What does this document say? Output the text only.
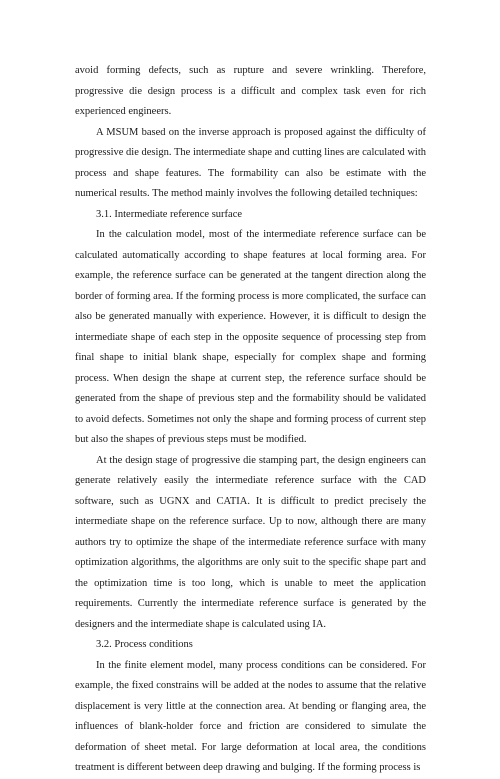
avoid forming defects, such as rupture and severe wrinkling. Therefore, progressive die design process is a difficult and complex task even for rich experienced engineers.

A MSUM based on the inverse approach is proposed against the difficulty of progressive die design. The intermediate shape and cutting lines are calculated with process and shape features. The formability can also be estimate with the numerical results. The method mainly involves the following detailed techniques:

3.1. Intermediate reference surface

In the calculation model, most of the intermediate reference surface can be calculated automatically according to shape features at local forming area. For example, the reference surface can be generated at the tangent direction along the border of forming area. If the forming process is more complicated, the surface can also be generated manually with experience. However, it is difficult to design the intermediate shape of each step in the opposite sequence of processing step from final shape to initial blank shape, especially for complex shape and forming process. When design the shape at current step, the reference surface should be generated from the shape of previous step and the formability should be validated to avoid defects. Sometimes not only the shape and forming process of current step but also the shapes of previous steps must be modified.

At the design stage of progressive die stamping part, the design engineers can generate relatively easily the intermediate reference surface with the CAD software, such as UGNX and CATIA. It is difficult to predict precisely the intermediate shape on the reference surface. Up to now, although there are many authors try to optimize the shape of the intermediate reference surface with many optimization algorithms, the algorithms are only suit to the specific shape part and the optimization time is too long, which is unable to meet the application requirements. Currently the intermediate reference surface is generated by the designers and the intermediate shape is calculated using IA.

3.2. Process conditions

In the finite element model, many process conditions can be considered. For example, the fixed constrains will be added at the nodes to assume that the relative displacement is very little at the connection area. At bending or flanging area, the influences of blank-holder force and friction are considered to simulate the deformation of sheet metal. For large deformation at local area, the conditions treatment is different between deep drawing and bulging. If the forming process is
